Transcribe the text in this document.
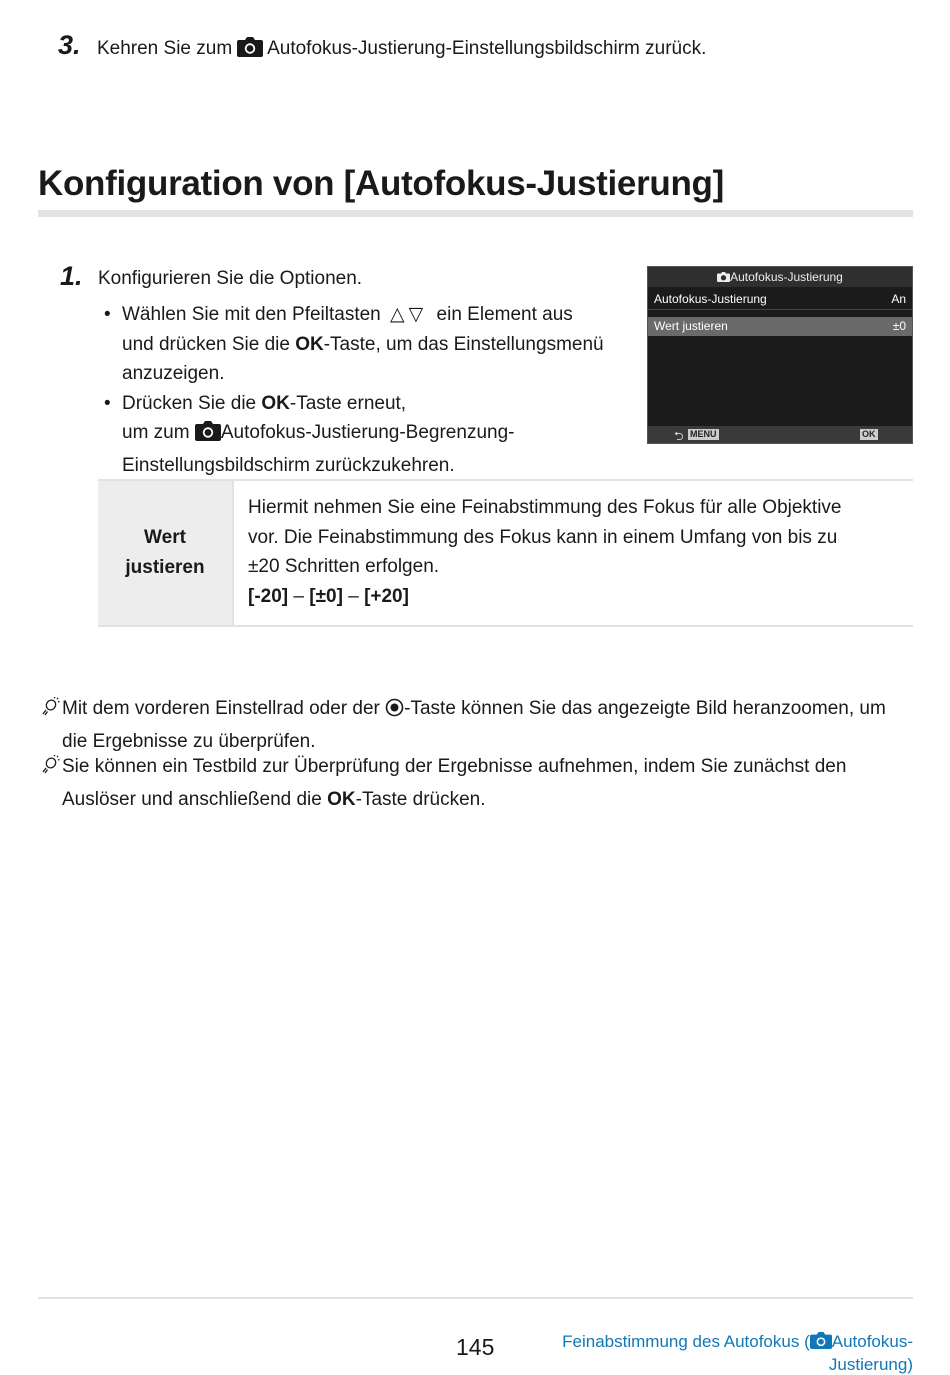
3. Kehren Sie zum Autofokus-Justierung-Einstellungsbildschirm zurück.
Konfiguration von [Autofokus-Justierung]
1. Konfigurieren Sie die Optionen.
• Wählen Sie mit den Pfeiltasten △▽ ein Element aus
und drücken Sie die OK-Taste, um das Einstellungsmenü
anzuzeigen.
• Drücken Sie die OK-Taste erneut,
um zum Autofokus-Justierung-Begrenzung-
Einstellungsbildschirm zurückzukehren.
Autofokus-Justierung
Autofokus-Justierung	An
Wert justieren	±0
⮌ MENU	OK
Wert
justieren	
Hiermit nehmen Sie eine Feinabstimmung des Fokus für alle Objektive vor. Die Feinabstimmung des Fokus kann in einem Umfang von bis zu ±20 Schritten erfolgen.
[-20] – [±0] – [+20]
Mit dem vorderen Einstellrad oder der -Taste können Sie das angezeigte Bild heranzoomen, um
die Ergebnisse zu überprüfen.
Sie können ein Testbild zur Überprüfung der Ergebnisse aufnehmen, indem Sie zunächst den
Auslöser und anschließend die OK-Taste drücken.
145	Feinabstimmung des Autofokus ( Autofokus-
Justierung)
